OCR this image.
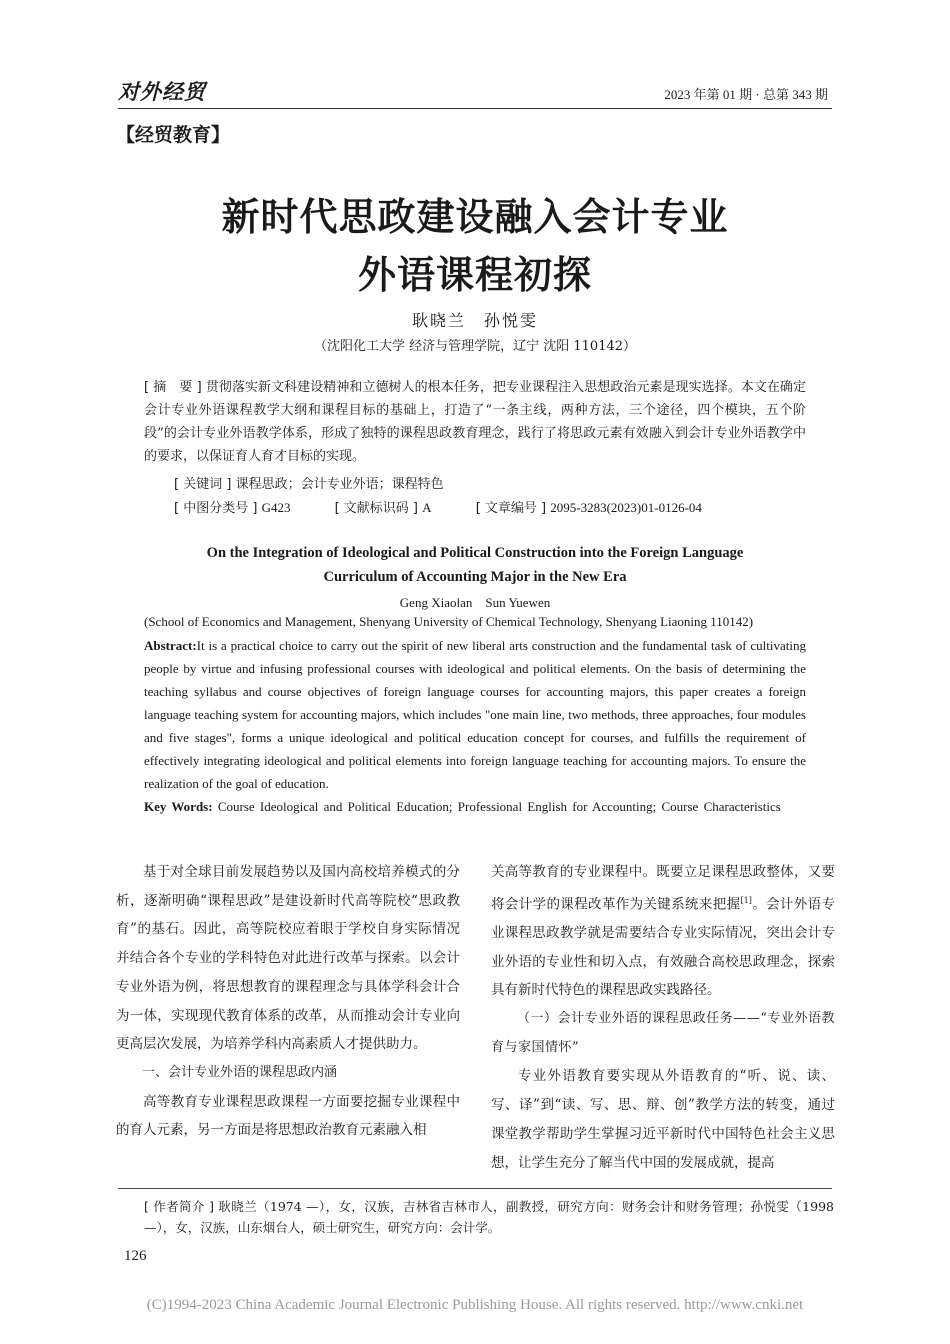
对外经贸	2023 年第 01 期 · 总第 343 期
【经贸教育】
新时代思政建设融入会计专业
外语课程初探
耿晓兰　孙悦雯
（沈阳化工大学 经济与管理学院，辽宁 沈阳 110142）
[ 摘　要 ] 贯彻落实新文科建设精神和立德树人的根本任务，把专业课程注入思想政治元素是现实选择。本文在确定会计专业外语课程教学大纲和课程目标的基础上，打造了“一条主线，两种方法，三个途径，四个模块，五个阶段”的会计专业外语教学体系，形成了独特的课程思政教育理念，践行了将思政元素有效融入到会计专业外语教学中的要求，以保证育人育才目标的实现。
[ 关键词 ] 课程思政；会计专业外语；课程特色
[ 中图分类号 ] G423	[ 文献标识码 ] A	[ 文章编号 ] 2095-3283(2023)01-0126-04
On the Integration of Ideological and Political Construction into the Foreign Language
Curriculum of Accounting Major in the New Era
Geng Xiaolan　Sun Yuewen
(School of Economics and Management, Shenyang University of Chemical Technology, Shenyang Liaoning 110142)
Abstract:It is a practical choice to carry out the spirit of new liberal arts construction and the fundamental task of cultivating people by virtue and infusing professional courses with ideological and political elements. On the basis of determining the teaching syllabus and course objectives of foreign language courses for accounting majors, this paper creates a foreign language teaching system for accounting majors, which includes "one main line, two methods, three approaches, four modules and five stages", forms a unique ideological and political education concept for courses, and fulfills the requirement of effectively integrating ideological and political elements into foreign language teaching for accounting majors. To ensure the realization of the goal of education.
Key Words: Course Ideological and Political Education; Professional English for Accounting; Course Characteristics

基于对全球目前发展趋势以及国内高校培养模式的分析，逐渐明确“课程思政”是建设新时代高等院校“思政教育”的基石。因此，高等院校应着眼于学校自身实际情况并结合各个专业的学科特色对此进行改革与探索。以会计专业外语为例，将思想教育的课程理念与具体学科会计合为一体，实现现代教育体系的改革，从而推动会计专业向更高层次发展，为培养学科内高素质人才提供助力。

一、会计专业外语的课程思政内涵

高等教育专业课程思政课程一方面要挖掘专业课程中的育人元素，另一方面是将思想政治教育元素融入相

关高等教育的专业课程中。既要立足课程思政整体，又要将会计学的课程改革作为关键系统来把握[1]。会计外语专业课程思政教学就是需要结合专业实际情况，突出会计专业外语的专业性和切入点，有效融合高校思政理念，探索具有新时代特色的课程思政实践路径。

（一）会计专业外语的课程思政任务——“专业外语教育与家国情怀”

专业外语教育要实现从外语教育的“听、说、读、写、译”到“读、写、思、辩、创”教学方法的转变，通过课堂教学帮助学生掌握习近平新时代中国特色社会主义思想，让学生充分了解当代中国的发展成就，提高

[ 作者简介 ] 耿晓兰（1974 —），女，汉族，吉林省吉林市人，副教授，研究方向：财务会计和财务管理；孙悦雯（1998 —），女，汉族，山东烟台人，硕士研究生，研究方向：会计学。
126
(C)1994-2023 China Academic Journal Electronic Publishing House. All rights reserved. http://www.cnki.net
